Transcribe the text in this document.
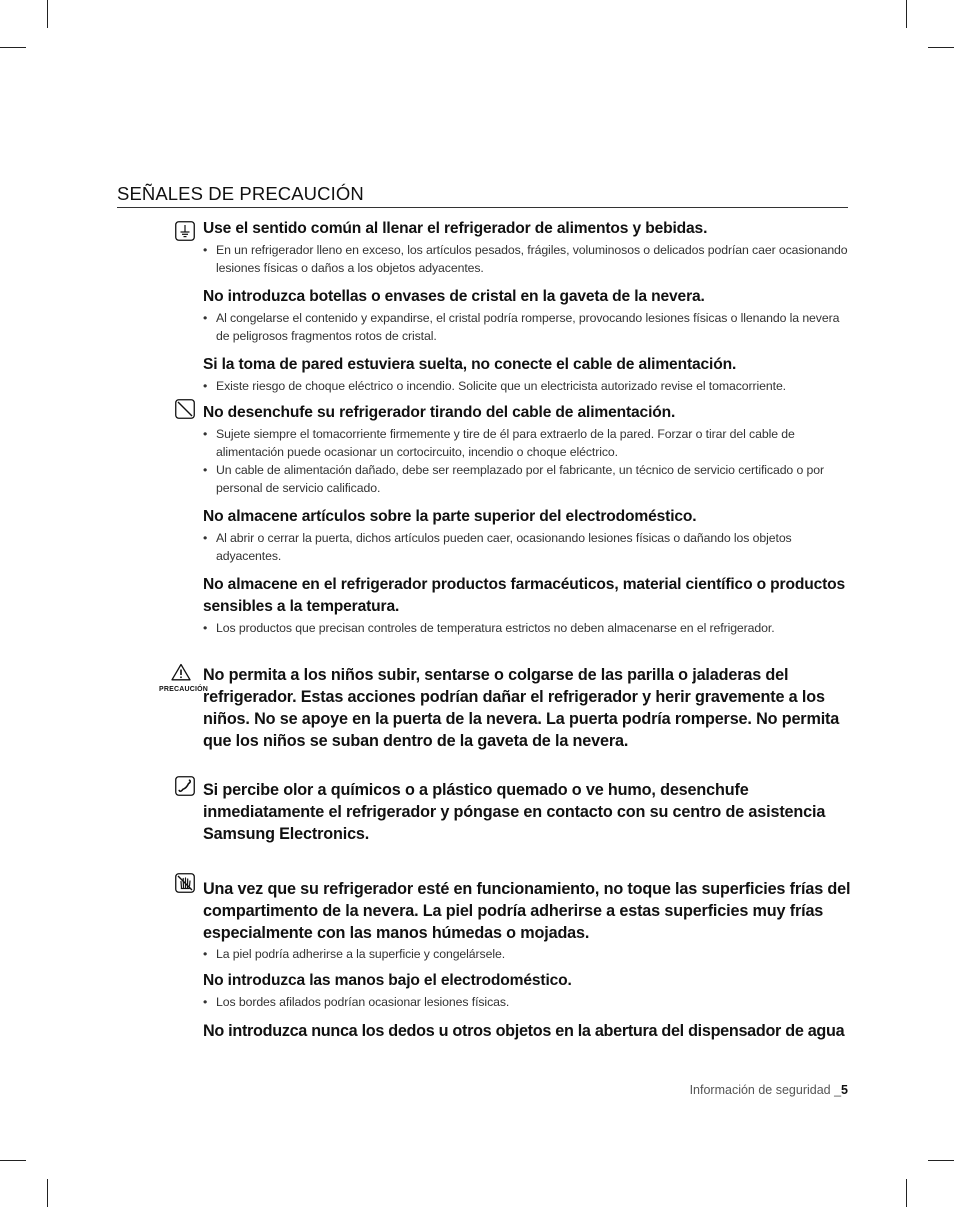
SEÑALES DE PRECAUCIÓN
PRECAUCIÓN
Use el sentido común al llenar el refrigerador de alimentos y bebidas.
• En un refrigerador lleno en exceso, los artículos pesados, frágiles, voluminosos o delicados podrían caer ocasionando lesiones físicas o daños a los objetos adyacentes.
No introduzca botellas o envases de cristal en la gaveta de la nevera.
• Al congelarse el contenido y expandirse, el cristal podría romperse, provocando lesiones físicas o llenando la nevera de peligrosos fragmentos rotos de cristal.
Si la toma de pared estuviera suelta, no conecte el cable de alimentación.
• Existe riesgo de choque eléctrico o incendio. Solicite que un electricista autorizado revise el tomacorriente.
No desenchufe su refrigerador tirando del cable de alimentación.
• Sujete siempre el tomacorriente firmemente y tire de él para extraerlo de la pared. Forzar o tirar del cable de alimentación puede ocasionar un cortocircuito, incendio o choque eléctrico.
• Un cable de alimentación dañado, debe ser reemplazado por el fabricante, un técnico de servicio certificado o por personal de servicio calificado.
No almacene artículos sobre la parte superior del electrodoméstico.
• Al abrir o cerrar la puerta, dichos artículos pueden caer, ocasionando lesiones físicas o dañando los objetos adyacentes.
No almacene en el refrigerador productos farmacéuticos, material científico o productos sensibles a la temperatura.
• Los productos que precisan controles de temperatura estrictos no deben almacenarse en el refrigerador.
No permita a los niños subir, sentarse o colgarse de las parilla o jaladeras del refrigerador. Estas acciones podrían dañar el refrigerador y herir gravemente a los niños. No se apoye en la puerta de la nevera. La puerta podría romperse. No permita que los niños se suban dentro de la gaveta de la nevera.
Si percibe olor a químicos o a plástico quemado o ve humo, desenchufe inmediatamente el refrigerador y póngase en contacto con su centro de asistencia Samsung Electronics.
Una vez que su refrigerador esté en funcionamiento, no toque las superficies frías del compartimento de la nevera. La piel podría adherirse a estas superficies muy frías especialmente con las manos húmedas o mojadas.
• La piel podría adherirse a la superficie y congelársele.
No introduzca las manos bajo el electrodoméstico.
• Los bordes afilados podrían ocasionar lesiones físicas.
No introduzca nunca los dedos u otros objetos en la abertura del dispensador de agua
Información de seguridad _5
